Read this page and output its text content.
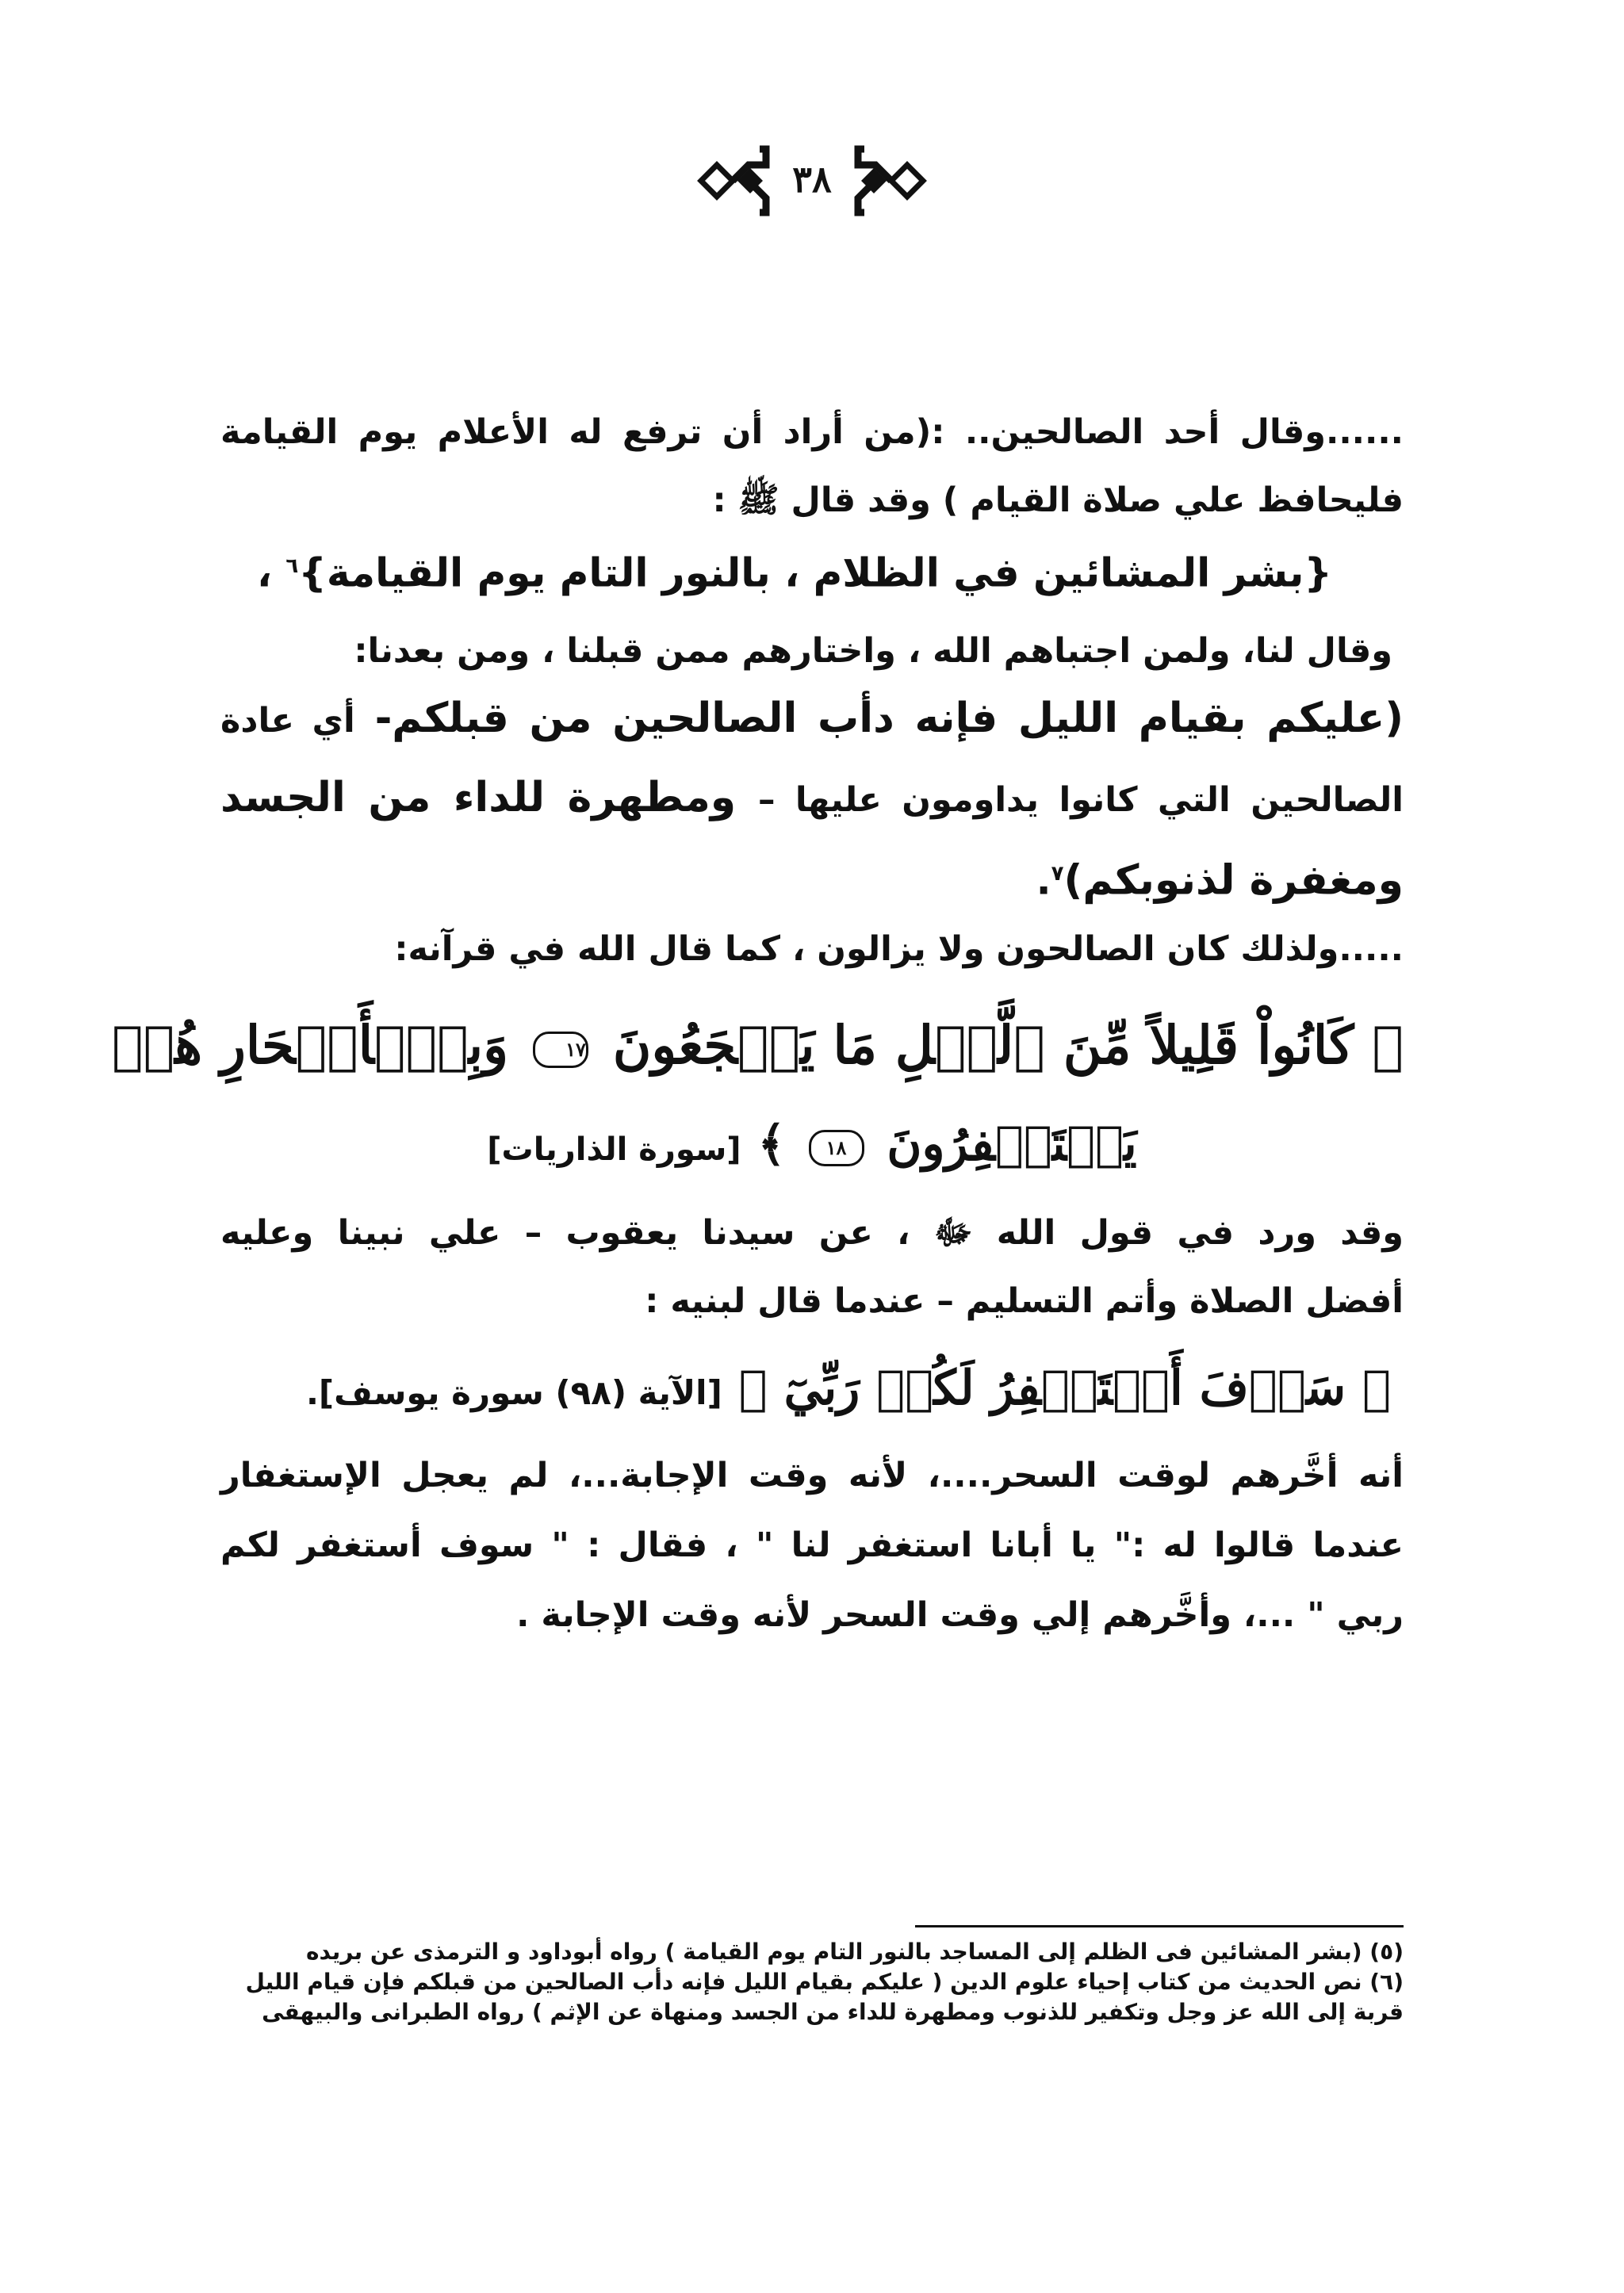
٣٨
......وقال أحد الصالحين.. :(من أراد أن ترفع له الأعلام يوم القيامة
فليحافظ علي صلاة القيام ) وقد قال ﷺ :
{بشر المشائين في الظلام ، بالنور التام يوم القيامة}$^٦$ ،
وقال لنا، ولمن اجتباهم الله ، واختارهم ممن قبلنا ، ومن بعدنا:
(عليكم بقيام الليل فإنه دأب الصالحين من قبلكم- أي عادة
الصالحين التي كانوا يداومون عليها – ومطهرة للداء من الجسد
ومغفرة لذنوبكم)$^٧$.
.....ولذلك كان الصالحون ولا يزالون ، كما قال الله في قرآنه:
﴿ كَانُواْ قَلِيلاً مِّنَ ٱلَّيۡلِ مَا يَهۡجَعُونَ ١٧ وَبِٱلۡأَسۡحَارِ هُمۡ
يَسۡتَغۡفِرُونَ ١٨ ﴾ [سورة الذاريات]
وقد ورد في قول الله ﷻ ، عن سيدنا يعقوب – علي نبينا وعليه
أفضل الصلاة وأتم التسليم – عندما قال لبنيه :
﴿ سَوۡفَ أَسۡتَغۡفِرُ لَكُمۡ رَبِّيٓ ﴾ [الآية (٩٨) سورة يوسف].
أنه أخَّرهم لوقت السحر....، لأنه وقت الإجابة...، لم يعجل الإستغفار
عندما قالوا له :" يا أبانا استغفر لنا " ، فقال : " سوف أستغفر لكم
ربي " ...، وأخَّرهم إلي وقت السحر لأنه وقت الإجابة .
(٥) (بشر المشائين فى الظلم إلى المساجد بالنور التام يوم القيامة ) رواه أبوداود و الترمذى عن بريده
(٦) نص الحديث من كتاب إحياء علوم الدين ( عليكم بقيام الليل فإنه دأب الصالحين من قبلكم فإن قيام الليل
قربة إلى الله عز وجل وتكفير للذنوب ومطهرة للداء من الجسد ومنهاة عن الإثم ) رواه الطبرانى والبيهقى
